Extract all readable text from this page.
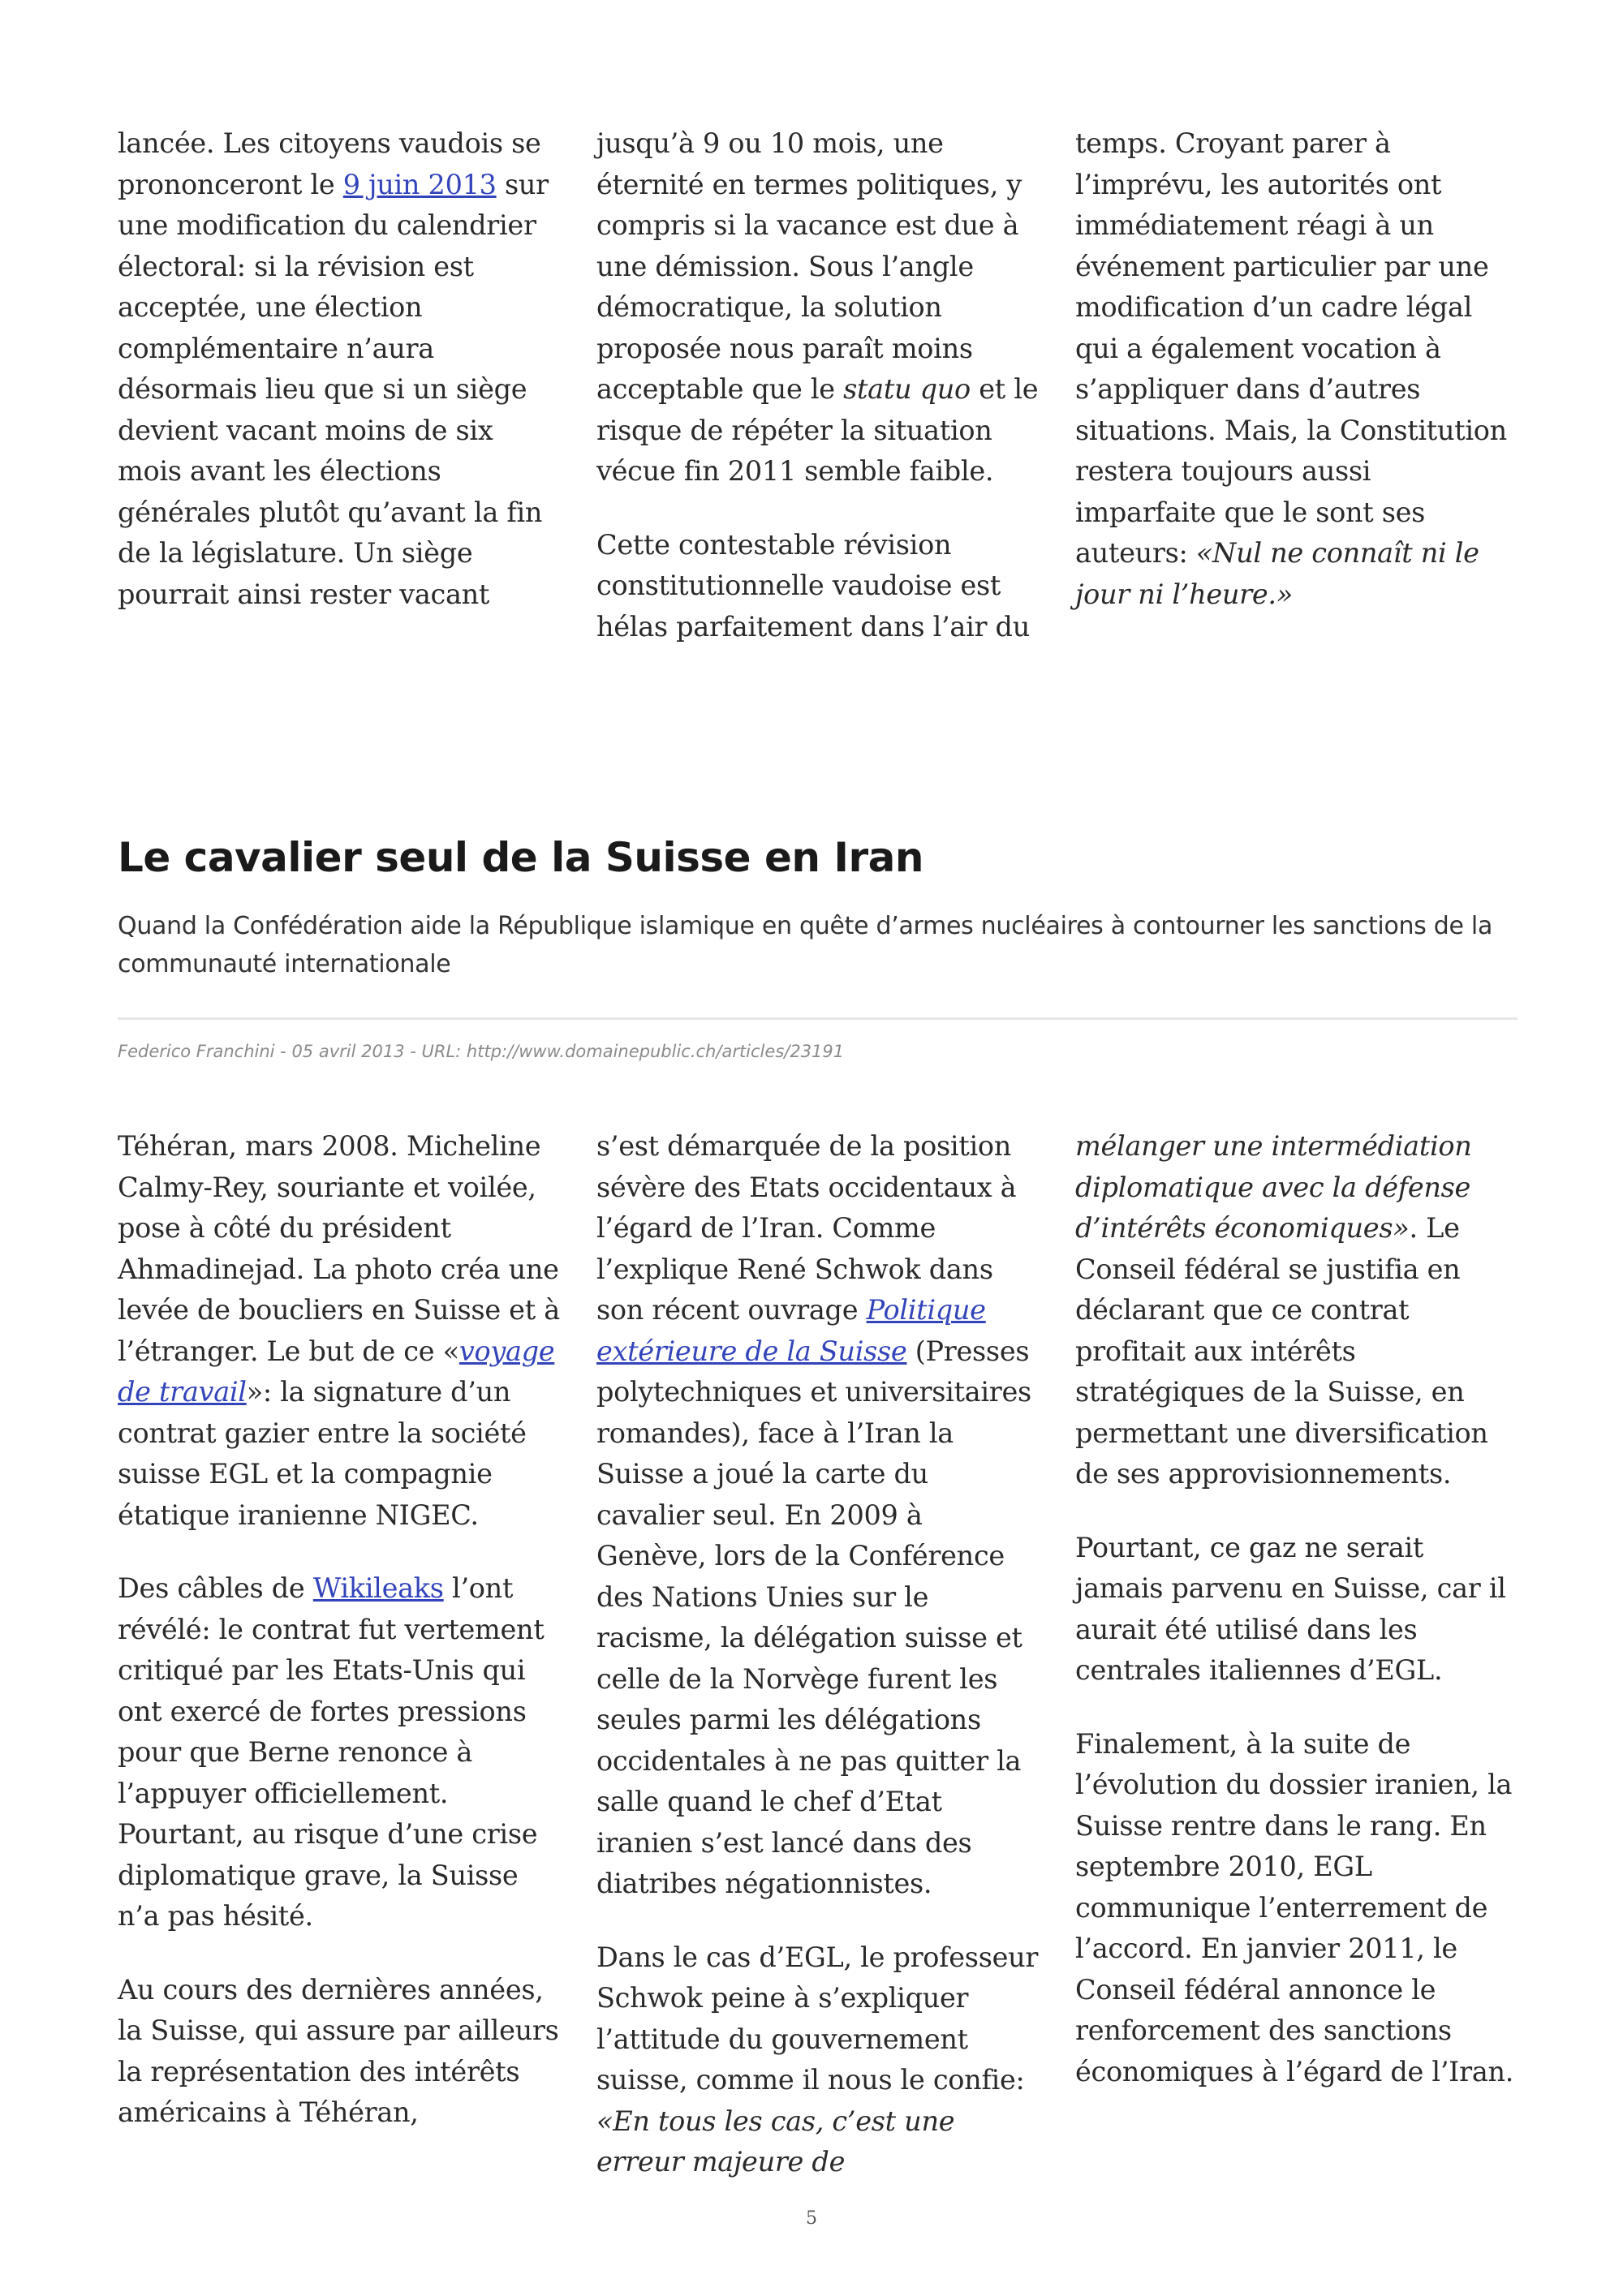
lancée. Les citoyens vaudois se prononceront le 9 juin 2013 sur une modification du calendrier électoral: si la révision est acceptée, une élection complémentaire n’aura désormais lieu que si un siège devient vacant moins de six mois avant les élections générales plutôt qu’avant la fin de la législature. Un siège pourrait ainsi rester vacant

jusqu’à 9 ou 10 mois, une éternité en termes politiques, y compris si la vacance est due à une démission. Sous l’angle démocratique, la solution proposée nous paraît moins acceptable que le statu quo et le risque de répéter la situation vécue fin 2011 semble faible.

Cette contestable révision constitutionnelle vaudoise est hélas parfaitement dans l’air du

temps. Croyant parer à l’imprévu, les autorités ont immédiatement réagi à un événement particulier par une modification d’un cadre légal qui a également vocation à s’appliquer dans d’autres situations. Mais, la Constitution restera toujours aussi imparfaite que le sont ses auteurs: «Nul ne connaît ni le jour ni l’heure.»

Le cavalier seul de la Suisse en Iran

Quand la Confédération aide la République islamique en quête d’armes nucléaires à contourner les sanctions de la communauté internationale

Federico Franchini - 05 avril 2013 - URL: http://www.domainepublic.ch/articles/23191

Téhéran, mars 2008. Micheline Calmy-Rey, souriante et voilée, pose à côté du président Ahmadinejad. La photo créa une levée de boucliers en Suisse et à l’étranger. Le but de ce «voyage de travail»: la signature d’un contrat gazier entre la société suisse EGL et la compagnie étatique iranienne NIGEC.

Des câbles de Wikileaks l’ont révélé: le contrat fut vertement critiqué par les Etats-Unis qui ont exercé de fortes pressions pour que Berne renonce à l’appuyer officiellement. Pourtant, au risque d’une crise diplomatique grave, la Suisse n’a pas hésité.

Au cours des dernières années, la Suisse, qui assure par ailleurs la représentation des intérêts américains à Téhéran,

s’est démarquée de la position sévère des Etats occidentaux à l’égard de l’Iran. Comme l’explique René Schwok dans son récent ouvrage Politique extérieure de la Suisse (Presses polytechniques et universitaires romandes), face à l’Iran la Suisse a joué la carte du cavalier seul. En 2009 à Genève, lors de la Conférence des Nations Unies sur le racisme, la délégation suisse et celle de la Norvège furent les seules parmi les délégations occidentales à ne pas quitter la salle quand le chef d’Etat iranien s’est lancé dans des diatribes négationnistes.

Dans le cas d’EGL, le professeur Schwok peine à s’expliquer l’attitude du gouvernement suisse, comme il nous le confie: «En tous les cas, c’est une erreur majeure de

mélanger une intermédiation diplomatique avec la défense d’intérêts économiques». Le Conseil fédéral se justifia en déclarant que ce contrat profitait aux intérêts stratégiques de la Suisse, en permettant une diversification de ses approvisionnements.

Pourtant, ce gaz ne serait jamais parvenu en Suisse, car il aurait été utilisé dans les centrales italiennes d’EGL.

Finalement, à la suite de l’évolution du dossier iranien, la Suisse rentre dans le rang. En septembre 2010, EGL communique l’enterrement de l’accord. En janvier 2011, le Conseil fédéral annonce le renforcement des sanctions économiques à l’égard de l’Iran.

5
